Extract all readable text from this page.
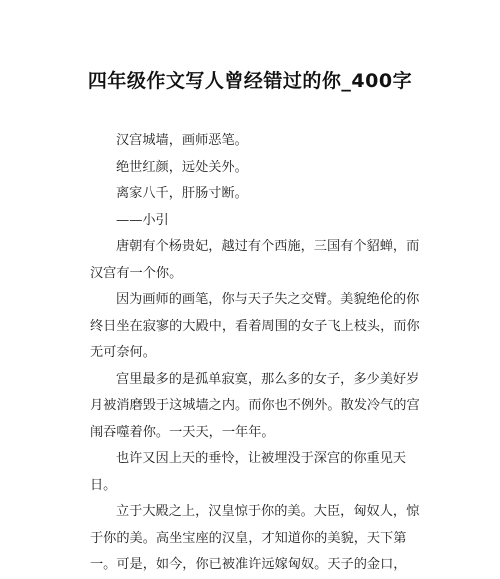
四年级作文写人曾经错过的你_400字

汉宫城墙，画师恶笔。

绝世红颜，远处关外。

离家八千，肝肠寸断。

——小引

唐朝有个杨贵妃，越过有个西施，三国有个貂蝉，而汉宫有一个你。

因为画师的画笔，你与天子失之交臂。美貌绝伦的你终日坐在寂寥的大殿中，看着周围的女子飞上枝头，而你无可奈何。

宫里最多的是孤单寂寞，那么多的女子，多少美好岁月被消磨毁于这城墙之内。而你也不例外。散发冷气的宫闱吞噬着你。一天天，一年年。

也许又因上天的垂怜，让被埋没于深宫的你重见天日。

立于大殿之上，汉皇惊于你的美。大臣，匈奴人，惊于你的美。高坐宝座的汉皇，才知道你的美貌，天下第一。可是，如今，你已被准许远嫁匈奴。天子的金口，
